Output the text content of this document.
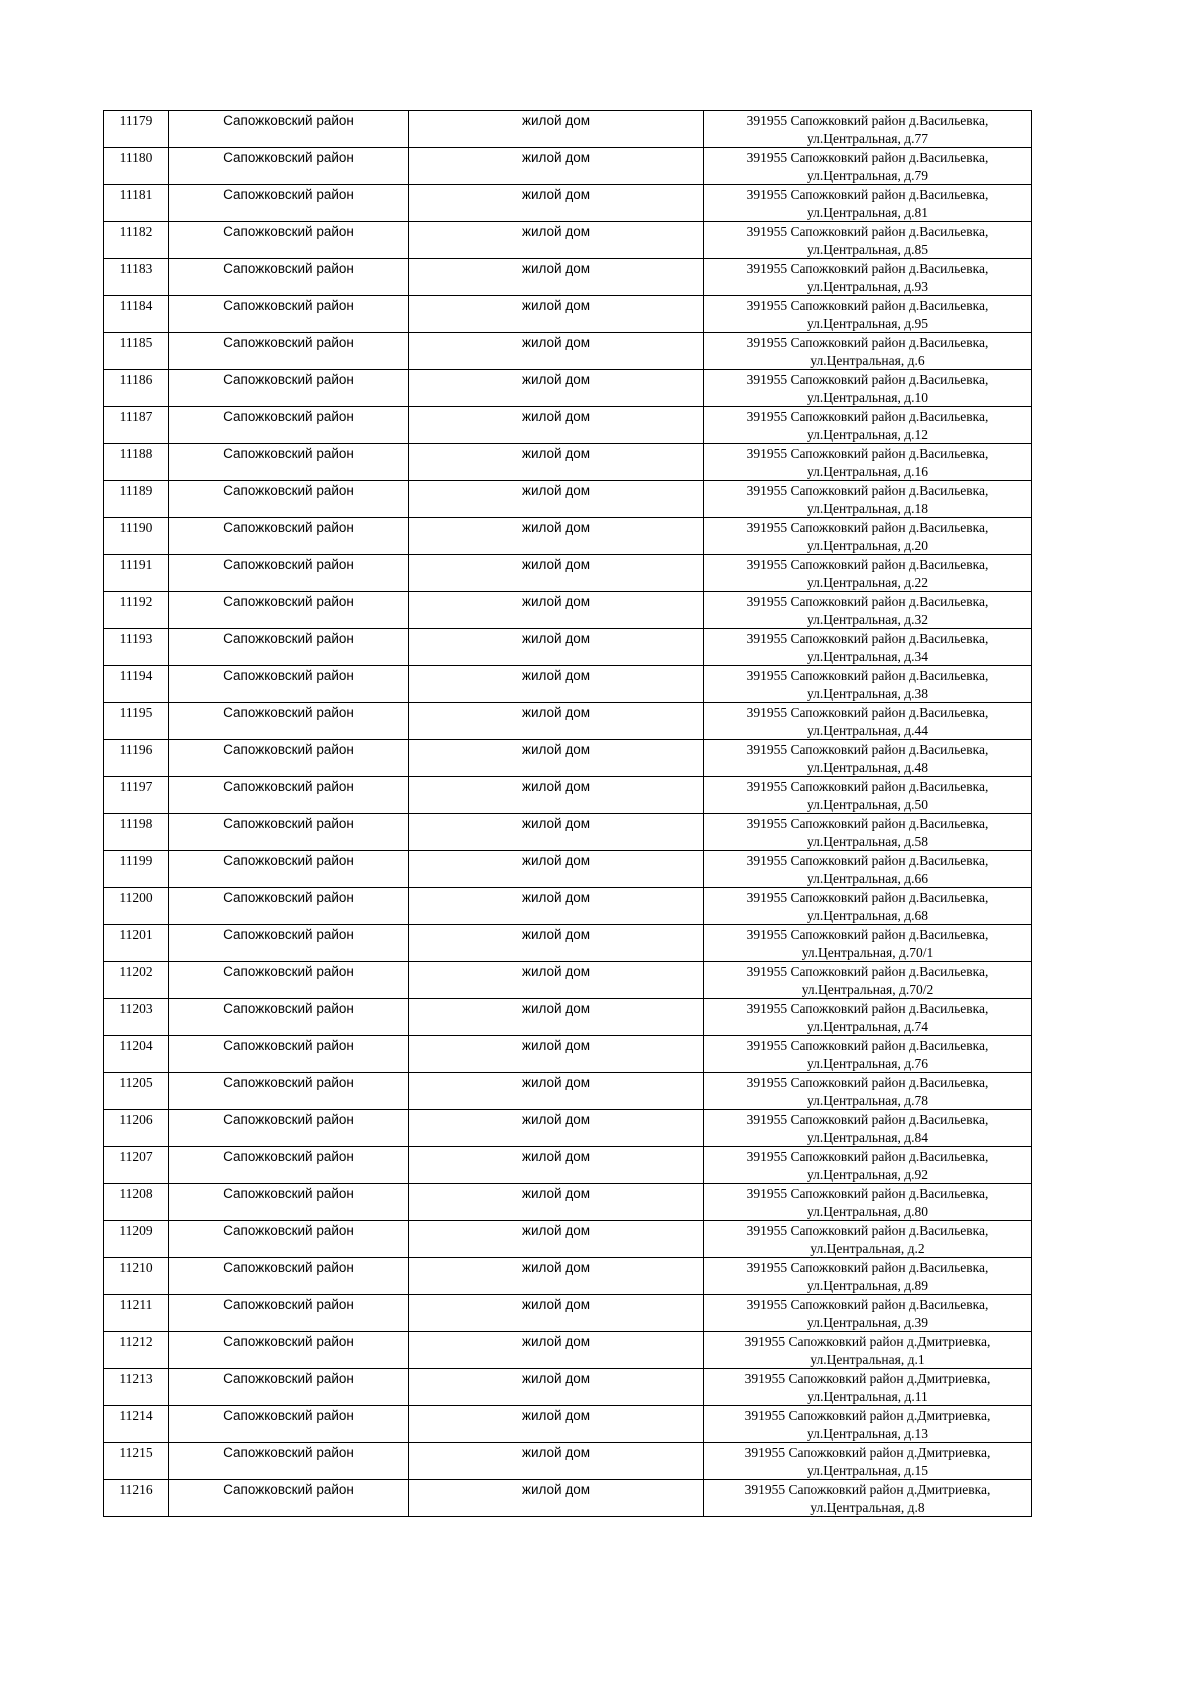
11179	Сапожковский район	жилой дом	391955 Сапожковкий район д.Васильевка,
ул.Центральная, д.77

11180	Сапожковский район	жилой дом	391955 Сапожковкий район д.Васильевка,
ул.Центральная, д.79

11181	Сапожковский район	жилой дом	391955 Сапожковкий район д.Васильевка,
ул.Центральная, д.81

11182	Сапожковский район	жилой дом	391955 Сапожковкий район д.Васильевка,
ул.Центральная, д.85

11183	Сапожковский район	жилой дом	391955 Сапожковкий район д.Васильевка,
ул.Центральная, д.93

11184	Сапожковский район	жилой дом	391955 Сапожковкий район д.Васильевка,
ул.Центральная, д.95

11185	Сапожковский район	жилой дом	391955 Сапожковкий район д.Васильевка,
ул.Центральная, д.6

11186	Сапожковский район	жилой дом	391955 Сапожковкий район д.Васильевка,
ул.Центральная, д.10

11187	Сапожковский район	жилой дом	391955 Сапожковкий район д.Васильевка,
ул.Центральная, д.12

11188	Сапожковский район	жилой дом	391955 Сапожковкий район д.Васильевка,
ул.Центральная, д.16

11189	Сапожковский район	жилой дом	391955 Сапожковкий район д.Васильевка,
ул.Центральная, д.18

11190	Сапожковский район	жилой дом	391955 Сапожковкий район д.Васильевка,
ул.Центральная, д.20

11191	Сапожковский район	жилой дом	391955 Сапожковкий район д.Васильевка,
ул.Центральная, д.22

11192	Сапожковский район	жилой дом	391955 Сапожковкий район д.Васильевка,
ул.Центральная, д.32

11193	Сапожковский район	жилой дом	391955 Сапожковкий район д.Васильевка,
ул.Центральная, д.34

11194	Сапожковский район	жилой дом	391955 Сапожковкий район д.Васильевка,
ул.Центральная, д.38

11195	Сапожковский район	жилой дом	391955 Сапожковкий район д.Васильевка,
ул.Центральная, д.44

11196	Сапожковский район	жилой дом	391955 Сапожковкий район д.Васильевка,
ул.Центральная, д.48

11197	Сапожковский район	жилой дом	391955 Сапожковкий район д.Васильевка,
ул.Центральная, д.50

11198	Сапожковский район	жилой дом	391955 Сапожковкий район д.Васильевка,
ул.Центральная, д.58

11199	Сапожковский район	жилой дом	391955 Сапожковкий район д.Васильевка,
ул.Центральная, д.66

11200	Сапожковский район	жилой дом	391955 Сапожковкий район д.Васильевка,
ул.Центральная, д.68

11201	Сапожковский район	жилой дом	391955 Сапожковкий район д.Васильевка,
ул.Центральная, д.70/1

11202	Сапожковский район	жилой дом	391955 Сапожковкий район д.Васильевка,
ул.Центральная, д.70/2

11203	Сапожковский район	жилой дом	391955 Сапожковкий район д.Васильевка,
ул.Центральная, д.74

11204	Сапожковский район	жилой дом	391955 Сапожковкий район д.Васильевка,
ул.Центральная, д.76

11205	Сапожковский район	жилой дом	391955 Сапожковкий район д.Васильевка,
ул.Центральная, д.78

11206	Сапожковский район	жилой дом	391955 Сапожковкий район д.Васильевка,
ул.Центральная, д.84

11207	Сапожковский район	жилой дом	391955 Сапожковкий район д.Васильевка,
ул.Центральная, д.92

11208	Сапожковский район	жилой дом	391955 Сапожковкий район д.Васильевка,
ул.Центральная, д.80

11209	Сапожковский район	жилой дом	391955 Сапожковкий район д.Васильевка,
ул.Центральная, д.2

11210	Сапожковский район	жилой дом	391955 Сапожковкий район д.Васильевка,
ул.Центральная, д.89

11211	Сапожковский район	жилой дом	391955 Сапожковкий район д.Васильевка,
ул.Центральная, д.39

11212	Сапожковский район	жилой дом	391955 Сапожковкий район д.Дмитриевка,
ул.Центральная, д.1

11213	Сапожковский район	жилой дом	391955 Сапожковкий район д.Дмитриевка,
ул.Центральная, д.11

11214	Сапожковский район	жилой дом	391955 Сапожковкий район д.Дмитриевка,
ул.Центральная, д.13

11215	Сапожковский район	жилой дом	391955 Сапожковкий район д.Дмитриевка,
ул.Центральная, д.15

11216	Сапожковский район	жилой дом	391955 Сапожковкий район д.Дмитриевка,
ул.Центральная, д.8
